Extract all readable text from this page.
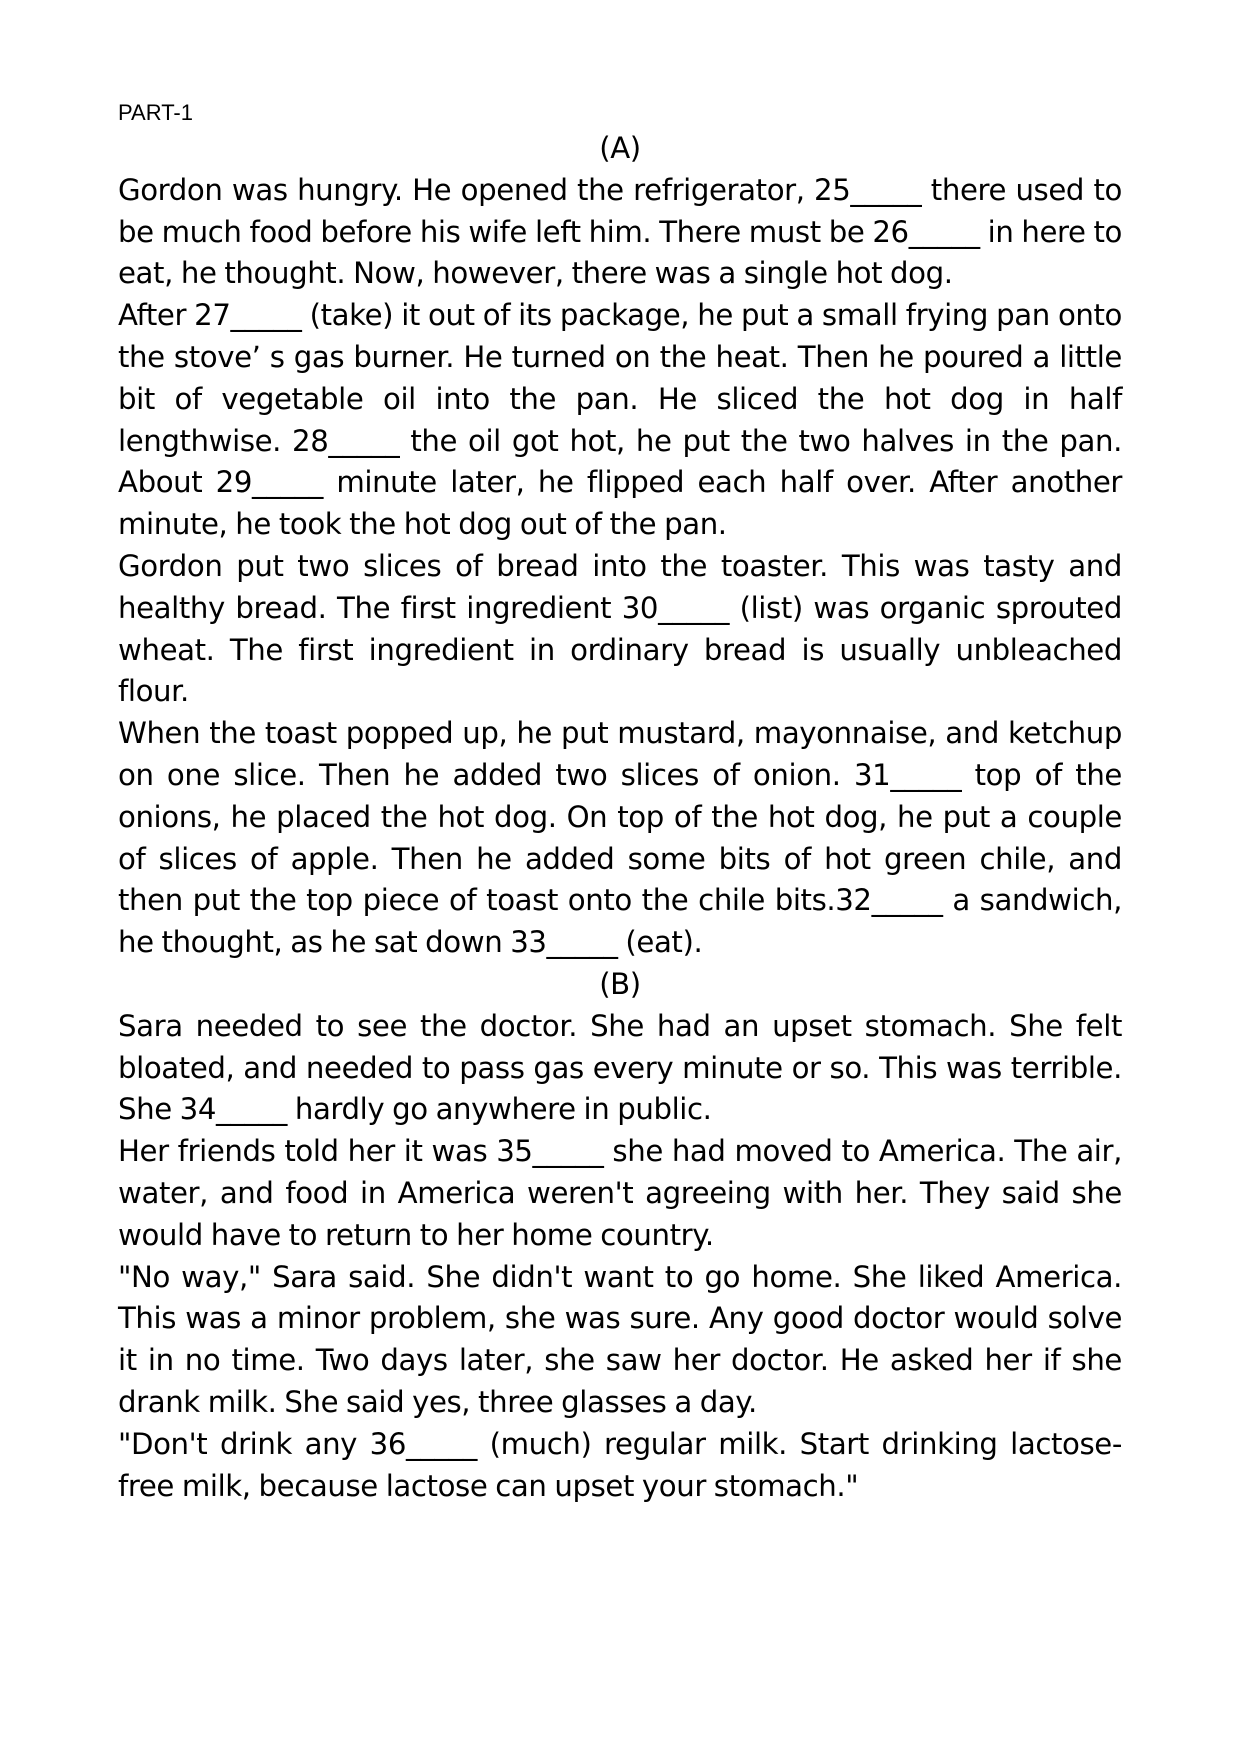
PART-1

(A)

Gordon was hungry. He opened the refrigerator, 25_____ there used to be much food before his wife left him. There must be 26_____ in here to eat, he thought. Now, however, there was a single hot dog.

After 27_____ (take) it out of its package, he put a small frying pan onto the stove’ s gas burner. He turned on the heat. Then he poured a little bit of vegetable oil into the pan. He sliced the hot dog in half lengthwise. 28_____ the oil got hot, he put the two halves in the pan. About 29_____ minute later, he flipped each half over. After another minute, he took the hot dog out of the pan.

Gordon put two slices of bread into the toaster. This was tasty and healthy bread. The first ingredient 30_____ (list) was organic sprouted wheat. The first ingredient in ordinary bread is usually unbleached flour.

When the toast popped up, he put mustard, mayonnaise, and ketchup on one slice. Then he added two slices of onion. 31_____ top of the onions, he placed the hot dog. On top of the hot dog, he put a couple of slices of apple. Then he added some bits of hot green chile, and then put the top piece of toast onto the chile bits.32_____ a sandwich, he thought, as he sat down 33_____ (eat).

(B)

Sara needed to see the doctor. She had an upset stomach. She felt bloated, and needed to pass gas every minute or so. This was terrible. She 34_____ hardly go anywhere in public.

Her friends told her it was 35_____ she had moved to America. The air, water, and food in America weren't agreeing with her. They said she would have to return to her home country.

"No way," Sara said. She didn't want to go home. She liked America. This was a minor problem, she was sure. Any good doctor would solve it in no time. Two days later, she saw her doctor. He asked her if she drank milk. She said yes, three glasses a day.

"Don't drink any 36_____ (much) regular milk. Start drinking lactose-free milk, because lactose can upset your stomach."
